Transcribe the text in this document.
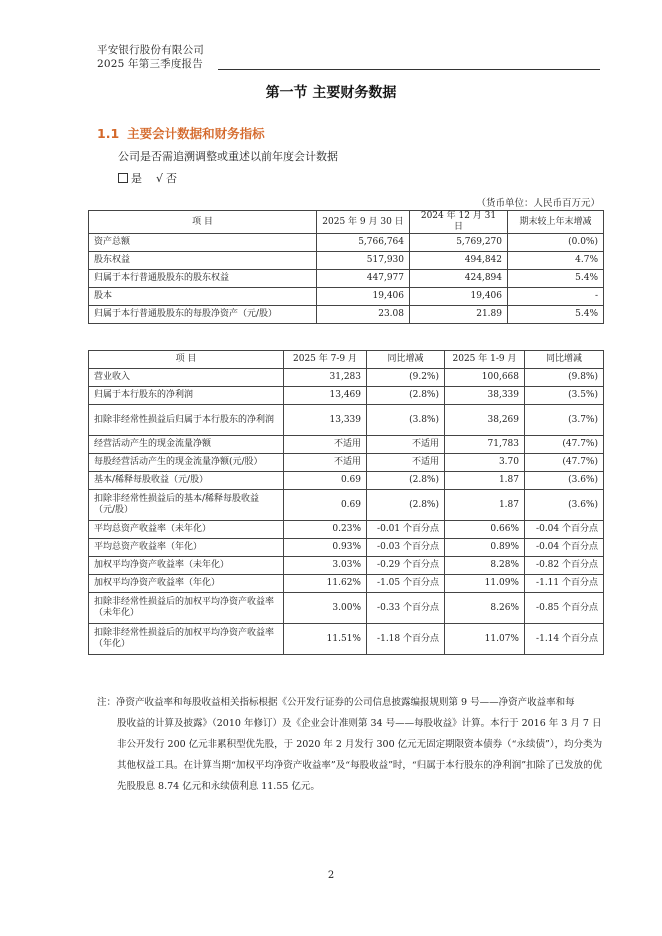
平安银行股份有限公司
2025 年第三季度报告
第一节 主要财务数据
1.1 主要会计数据和财务指标
公司是否需追溯调整或重述以前年度会计数据
是 √ 否
（货币单位：人民币百万元）
项 目	2025 年 9 月 30 日	2024 年 12 月 31 日	期末较上年末增减
资产总额	5,766,764	5,769,270	(0.0%)
股东权益	517,930	494,842	4.7%
归属于本行普通股股东的股东权益	447,977	424,894	5.4%
股本	19,406	19,406	-
归属于本行普通股股东的每股净资产（元/股）	23.08	21.89	5.4%
项 目	2025 年 7-9 月	同比增减	2025 年 1-9 月	同比增减
营业收入	31,283	(9.2%)	100,668	(9.8%)
归属于本行股东的净利润	13,469	(2.8%)	38,339	(3.5%)
扣除非经常性损益后归属于本行股东的净利润	13,339	(3.8%)	38,269	(3.7%)
经营活动产生的现金流量净额	不适用	不适用	71,783	(47.7%)
每股经营活动产生的现金流量净额(元/股）	不适用	不适用	3.70	(47.7%)
基本/稀释每股收益（元/股）	0.69	(2.8%)	1.87	(3.6%)
扣除非经常性损益后的基本/稀释每股收益（元/股）	0.69	(2.8%)	1.87	(3.6%)
平均总资产收益率（未年化）	0.23%	-0.01 个百分点	0.66%	-0.04 个百分点
平均总资产收益率（年化）	0.93%	-0.03 个百分点	0.89%	-0.04 个百分点
加权平均净资产收益率（未年化）	3.03%	-0.29 个百分点	8.28%	-0.82 个百分点
加权平均净资产收益率（年化）	11.62%	-1.05 个百分点	11.09%	-1.11 个百分点
扣除非经常性损益后的加权平均净资产收益率（未年化）	3.00%	-0.33 个百分点	8.26%	-0.85 个百分点
扣除非经常性损益后的加权平均净资产收益率（年化）	11.51%	-1.18 个百分点	11.07%	-1.14 个百分点
注：净资产收益率和每股收益相关指标根据《公开发行证券的公司信息披露编报规则第 9 号——净资产收益率和每
股收益的计算及披露》（2010 年修订）及《企业会计准则第 34 号——每股收益》计算。本行于 2016 年 3 月 7 日非公开发行 200 亿元非累积型优先股，于 2020 年 2 月发行 300 亿元无固定期限资本债券（“永续债”），均分类为其他权益工具。在计算当期“加权平均净资产收益率”及“每股收益”时，“归属于本行股东的净利润”扣除了已发放的优先股股息 8.74 亿元和永续债利息 11.55 亿元。
2
